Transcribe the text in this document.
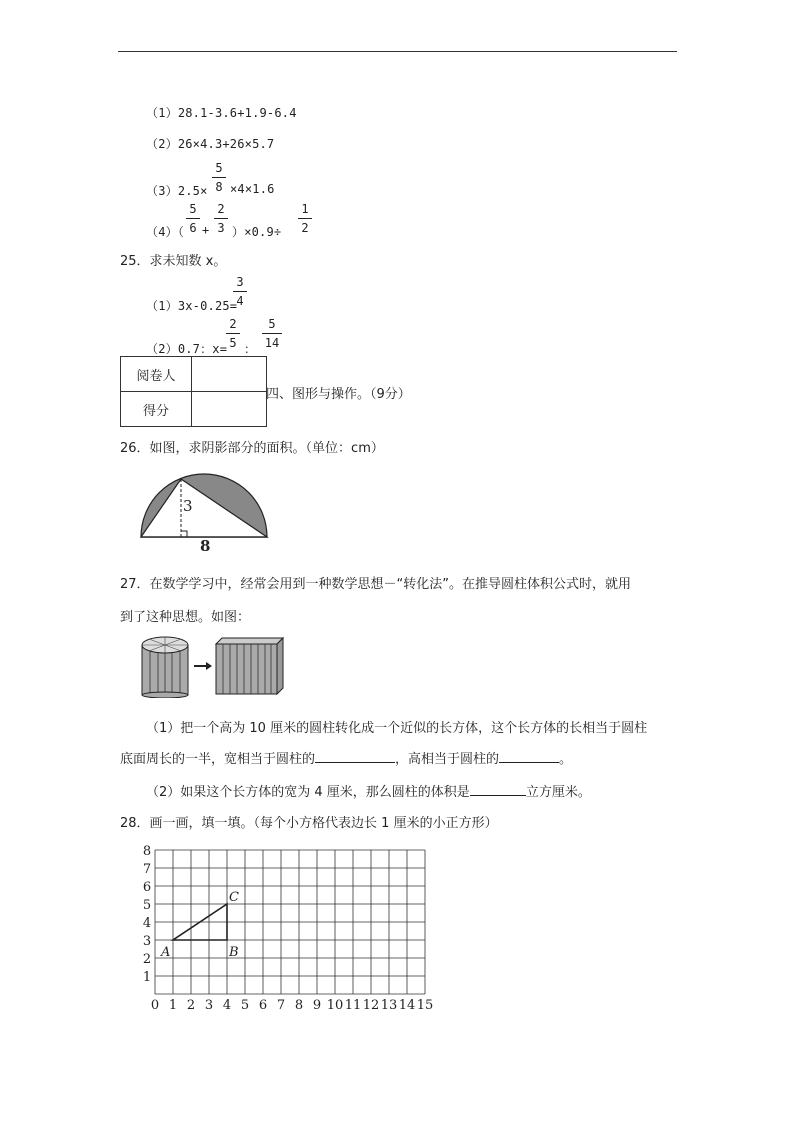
（1）28.1-3.6+1.9-6.4
（2）26×4.3+26×5.7
（3）2.5×
5
8 ×4×1.6
（4）（
5
6 +
2
3 ）×0.9÷
1
2
25．求未知数 x。
（1）3x-0.25=
3
4
（2）0.7：x=
2
5 ：
5
14
阅卷人	
得分	
四、图形与操作。（9分）
26．如图，求阴影部分的面积。（单位：cm）
3
8
27．在数学学习中，经常会用到一种数学思想－“转化法”。在推导圆柱体积公式时，就用
到了这种思想。如图：
（1）把一个高为 10 厘米的圆柱转化成一个近似的长方体，这个长方体的长相当于圆柱
底面周长的一半，宽相当于圆柱的	，高相当于圆柱的	。
（2）如果这个长方体的宽为 4 厘米，那么圆柱的体积是	立方厘米。
28．画一画，填一填。（每个小方格代表边长 1 厘米的小正方形）
0 1 2 3 4 5 6 7 8 9 10 11 12 13 14 15
1
2
3
4
5
6
7
8
A	B
C
